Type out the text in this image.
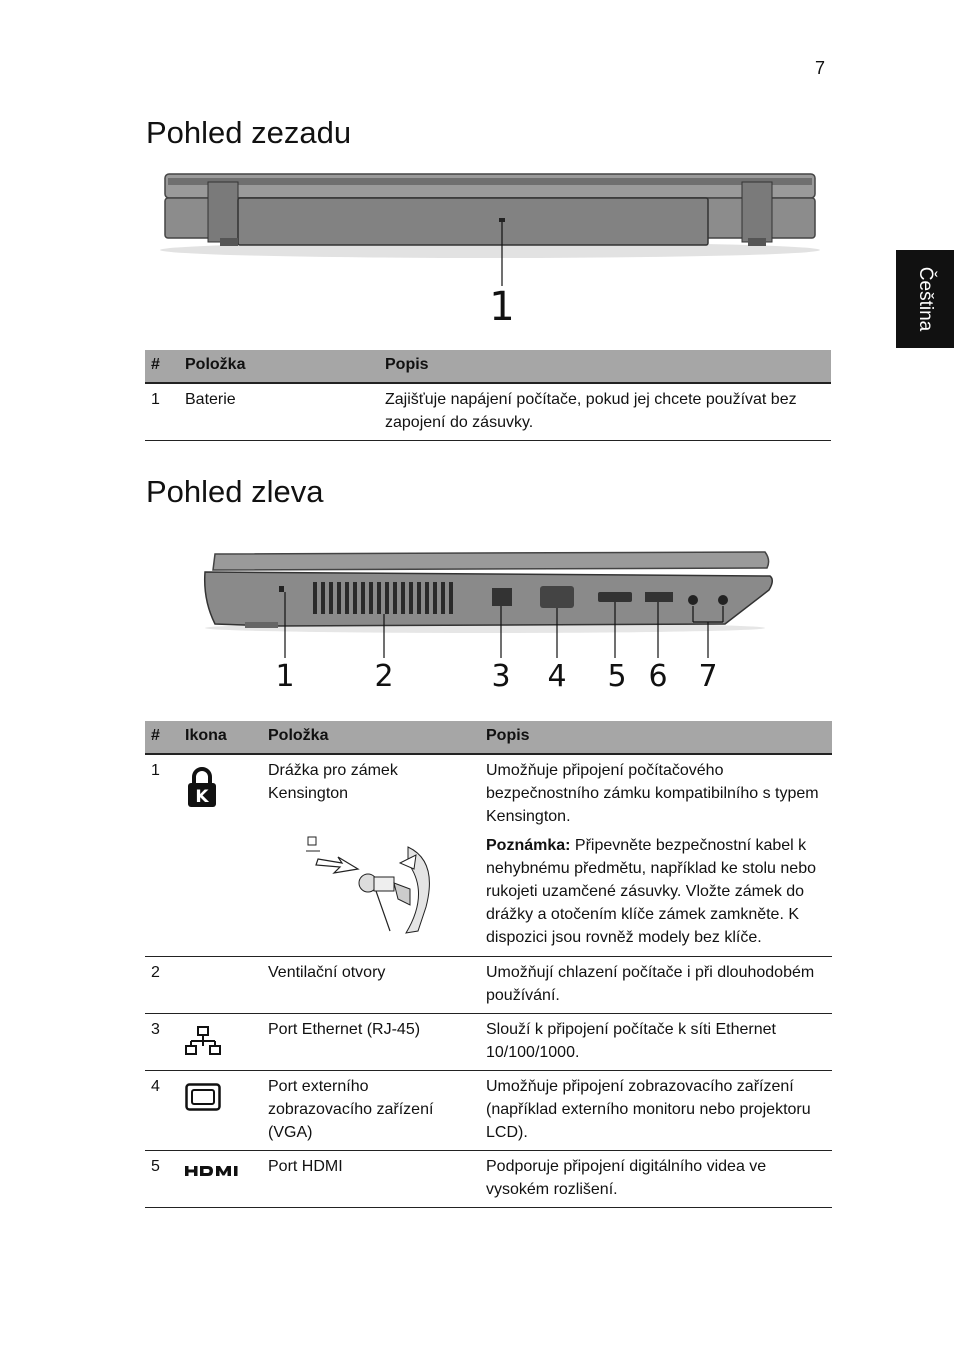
7
Čeština
Pohled zezadu
1
#	Položka	Popis
1	Baterie	Zajišťuje napájení počítače, pokud jej chcete používat bez zapojení do zásuvky.
Pohled zleva
1	2	3 4 5 6 7
#	Ikona	Položka	Popis
1	K	Drážka pro zámek Kensington	Umožňuje připojení počítačového bezpečnostního zámku kompatibilního s typem Kensington.
Poznámka: Připevněte bezpečnostní kabel k nehybnému předmětu, například ke stolu nebo rukojeti uzamčené zásuvky. Vložte zámek do drážky a otočením klíče zámek zamkněte. K dispozici jsou rovněž modely bez klíče.

2		Ventilační otvory	Umožňují chlazení počítače i při dlouhodobém používání.
3		Port Ethernet (RJ-45)	Slouží k připojení počítače k síti Ethernet 10/100/1000.
4		Port externího zobrazovacího zařízení (VGA)	Umožňuje připojení zobrazovacího zařízení (například externího monitoru nebo projektoru LCD).
5		Port HDMI	Podporuje připojení digitálního videa ve vysokém rozlišení.
